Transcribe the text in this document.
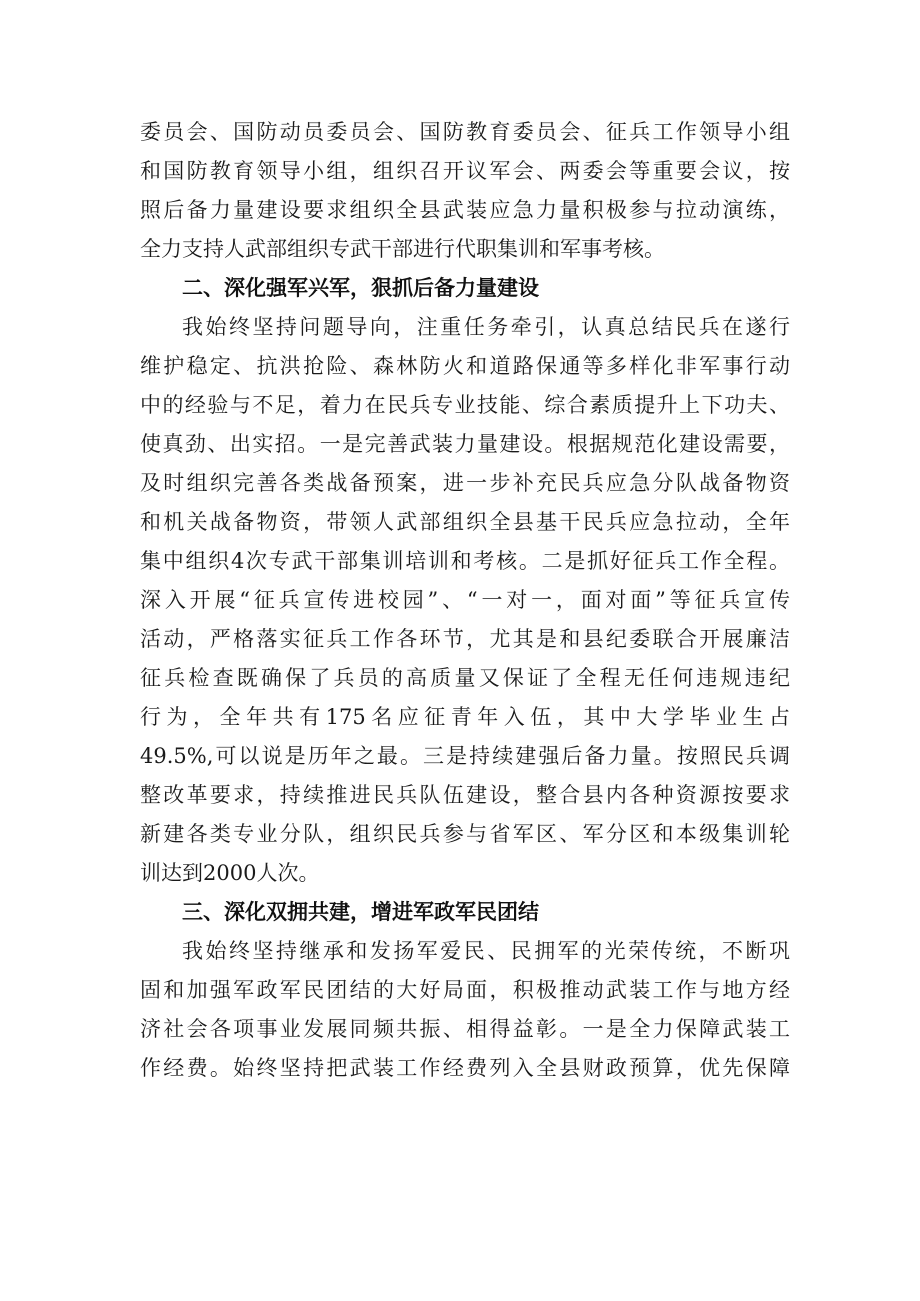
委员会、国防动员委员会、国防教育委员会、征兵工作领导小组
和国防教育领导小组，组织召开议军会、两委会等重要会议，按
照后备力量建设要求组织全县武装应急力量积极参与拉动演练，
全力支持人武部组织专武干部进行代职集训和军事考核。
二、深化强军兴军，狠抓后备力量建设
我始终坚持问题导向，注重任务牵引，认真总结民兵在遂行
维护稳定、抗洪抢险、森林防火和道路保通等多样化非军事行动
中的经验与不足，着力在民兵专业技能、综合素质提升上下功夫、
使真劲、出实招。一是完善武装力量建设。根据规范化建设需要，
及时组织完善各类战备预案，进一步补充民兵应急分队战备物资
和机关战备物资，带领人武部组织全县基干民兵应急拉动，全年
集中组织4次专武干部集训培训和考核。二是抓好征兵工作全程。
深入开展“征兵宣传进校园”、“一对一，面对面”等征兵宣传
活动，严格落实征兵工作各环节，尤其是和县纪委联合开展廉洁
征兵检查既确保了兵员的高质量又保证了全程无任何违规违纪
行为，全年共有175名应征青年入伍，其中大学毕业生占
49.5%,可以说是历年之最。三是持续建强后备力量。按照民兵调
整改革要求，持续推进民兵队伍建设，整合县内各种资源按要求
新建各类专业分队，组织民兵参与省军区、军分区和本级集训轮
训达到2000人次。
三、深化双拥共建，增进军政军民团结
我始终坚持继承和发扬军爱民、民拥军的光荣传统，不断巩
固和加强军政军民团结的大好局面，积极推动武装工作与地方经
济社会各项事业发展同频共振、相得益彰。一是全力保障武装工
作经费。始终坚持把武装工作经费列入全县财政预算，优先保障
